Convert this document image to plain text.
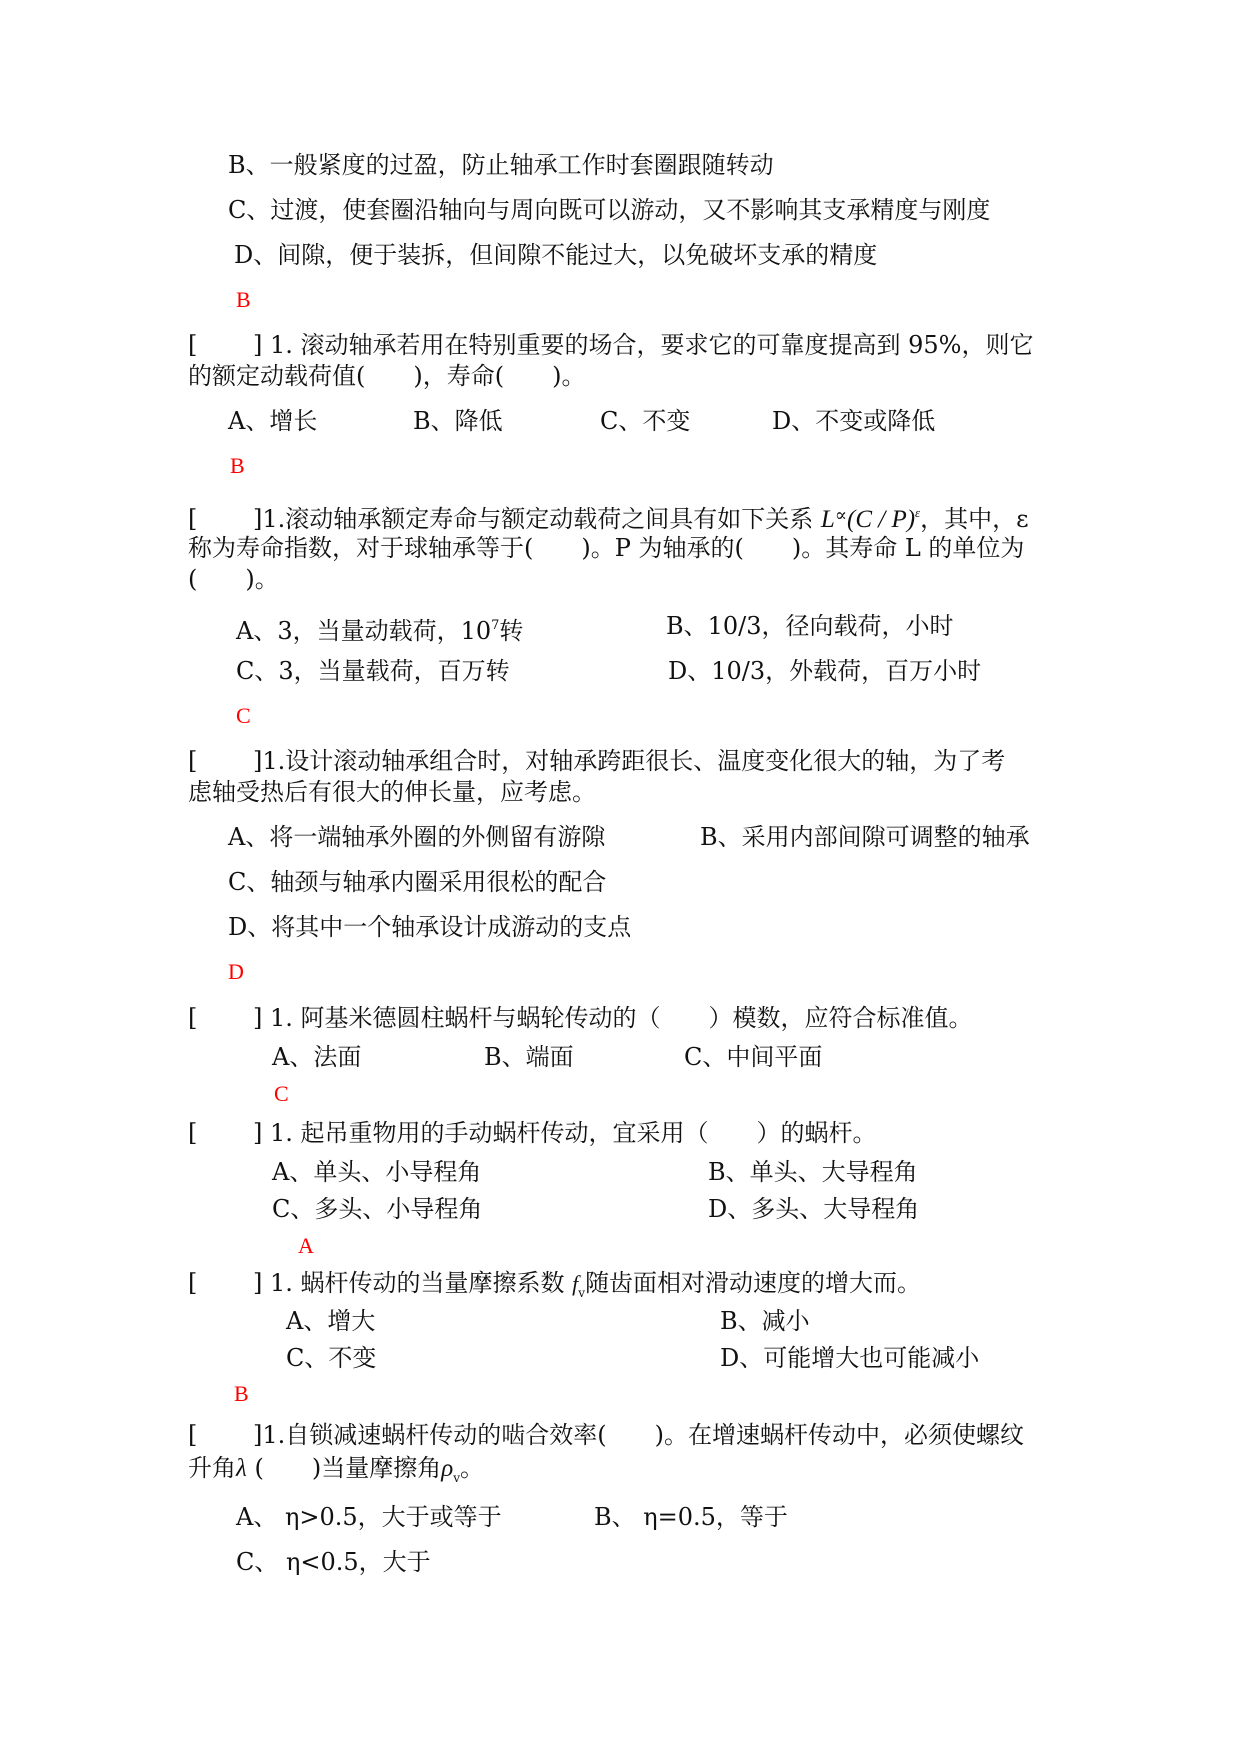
B、一般紧度的过盈，防止轴承工作时套圈跟随转动
C、过渡，使套圈沿轴向与周向既可以游动，又不影响其支承精度与刚度
D、间隙，便于装拆，但间隙不能过大，以免破坏支承的精度
B
[　　 ] 1. 滚动轴承若用在特别重要的场合，要求它的可靠度提高到 95%，则它
的额定动载荷值(　　)，寿命(　　)。
A、增长	B、降低	C、不变	D、不变或降低
B
[　　 ]1.滚动轴承额定寿命与额定动载荷之间具有如下关系 L∝(C / P)$^\varepsilon$，其中，ε
称为寿命指数，对于球轴承等于(　　)。P 为轴承的(　　)。其寿命 L 的单位为
(　　)。
A、3，当量动载荷，$10^7$转	B、10/3，径向载荷，小时
C、3，当量载荷，百万转	D、10/3，外载荷，百万小时
C
[　　 ]1.设计滚动轴承组合时，对轴承跨距很长、温度变化很大的轴，为了考
虑轴受热后有很大的伸长量，应考虑。
A、将一端轴承外圈的外侧留有游隙	B、采用内部间隙可调整的轴承
C、轴颈与轴承内圈采用很松的配合
D、将其中一个轴承设计成游动的支点
D
[　　 ] 1. 阿基米德圆柱蜗杆与蜗轮传动的（　　）模数，应符合标准值。
A、法面	B、端面	C、中间平面
C
[　　 ] 1. 起吊重物用的手动蜗杆传动，宜采用（　　）的蜗杆。
A、单头、小导程角	B、单头、大导程角
C、多头、小导程角	D、多头、大导程角
A
[　　 ] 1. 蜗杆传动的当量摩擦系数 $f_v$随齿面相对滑动速度的增大而。
A、增大	B、减小
C、不变	D、可能增大也可能减小
B
[　　 ]1.自锁减速蜗杆传动的啮合效率(　　)。在增速蜗杆传动中，必须使螺纹
升角λ (　　)当量摩擦角$\rho_v$。
A、 η>0.5，大于或等于	B、 η=0.5，等于
C、 η<0.5，大于
